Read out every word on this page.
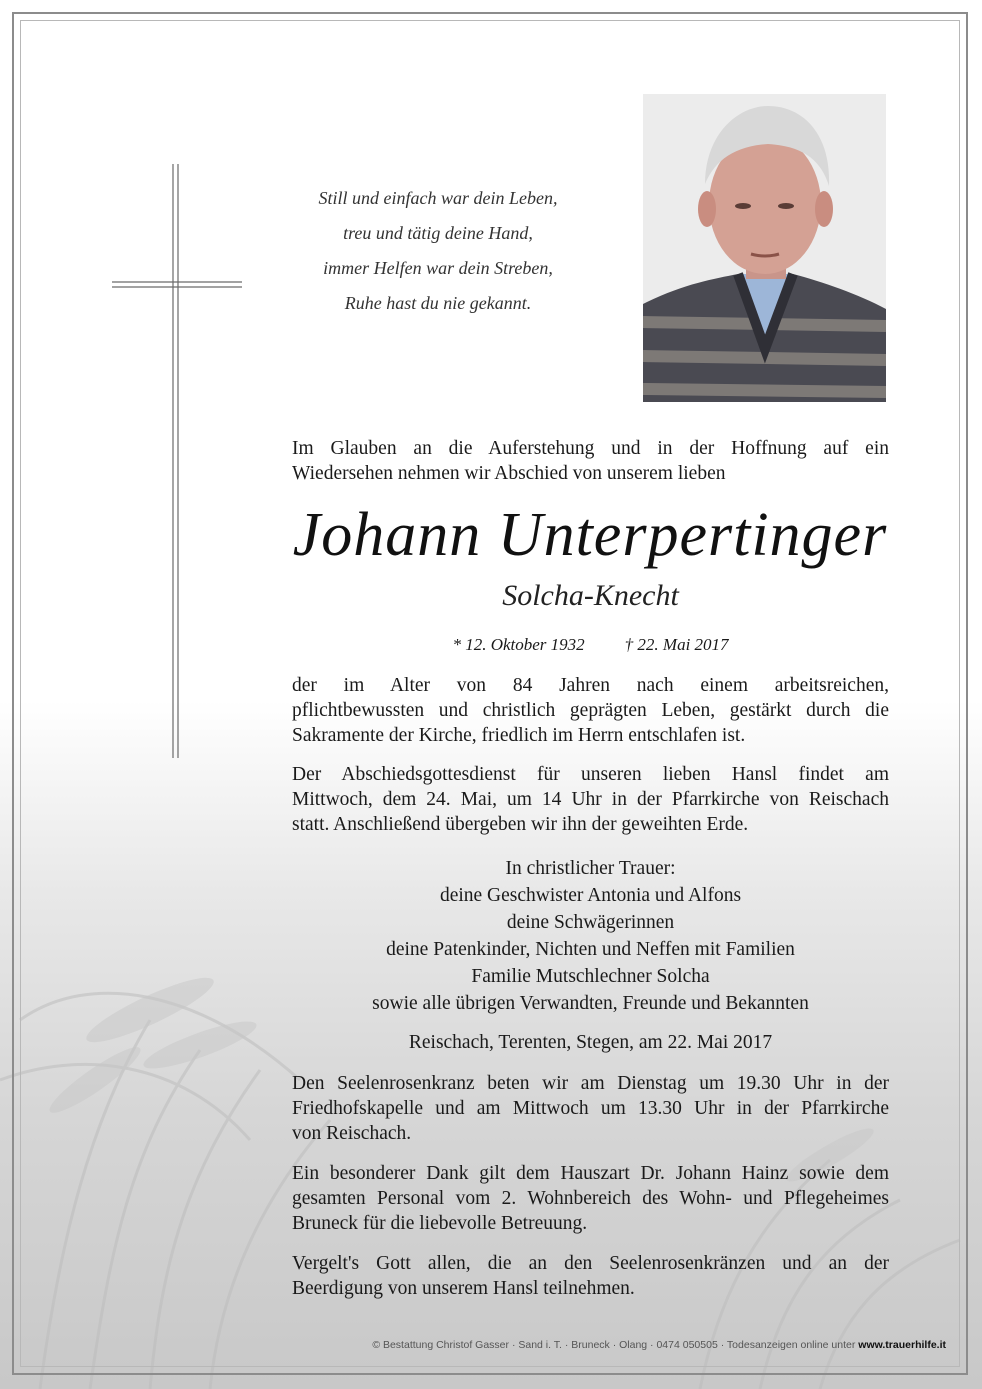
Still und einfach war dein Leben,
treu und tätig deine Hand,
immer Helfen war dein Streben,
Ruhe hast du nie gekannt.
Im Glauben an die Auferstehung und in der Hoffnung auf ein
Wiedersehen nehmen wir Abschied von unserem lieben
Johann Unterpertinger
Solcha-Knecht
* 12. Oktober 1932 † 22. Mai 2017
der im Alter von 84 Jahren nach einem arbeitsreichen,
pflichtbewussten und christlich geprägten Leben, gestärkt durch die
Sakramente der Kirche, friedlich im Herrn entschlafen ist.
Der Abschiedsgottesdienst für unseren lieben Hansl findet am
Mittwoch, dem 24. Mai, um 14 Uhr in der Pfarrkirche von Reischach
statt. Anschließend übergeben wir ihn der geweihten Erde.
In christlicher Trauer:
deine Geschwister Antonia und Alfons
deine Schwägerinnen
deine Patenkinder, Nichten und Neffen mit Familien
Familie Mutschlechner Solcha
sowie alle übrigen Verwandten, Freunde und Bekannten
Reischach, Terenten, Stegen, am 22. Mai 2017
Den Seelenrosenkranz beten wir am Dienstag um 19.30 Uhr in der
Friedhofskapelle und am Mittwoch um 13.30 Uhr in der Pfarrkirche
von Reischach.
Ein besonderer Dank gilt dem Hauszart Dr. Johann Hainz sowie dem
gesamten Personal vom 2. Wohnbereich des Wohn- und Pflegeheimes
Bruneck für die liebevolle Betreuung.
Vergelt's Gott allen, die an den Seelenrosenkränzen und an der
Beerdigung von unserem Hansl teilnehmen.
© Bestattung Christof Gasser · Sand i. T. · Bruneck · Olang · 0474 050505 · Todesanzeigen online unter www.trauerhilfe.it
